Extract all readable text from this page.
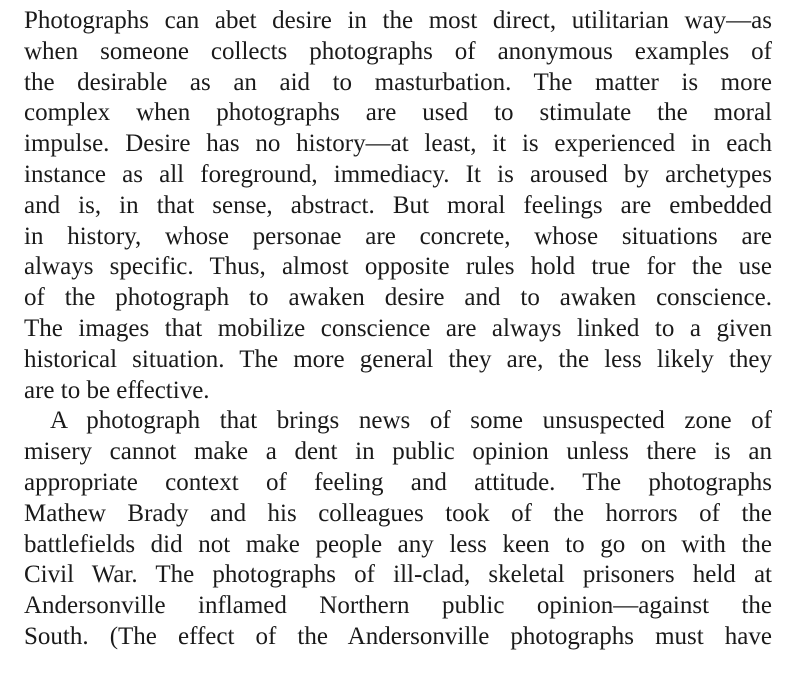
Photographs can abet desire in the most direct, utilitarian way—as
when someone collects photographs of anonymous examples of
the desirable as an aid to masturbation. The matter is more
complex when photographs are used to stimulate the moral
impulse. Desire has no history—at least, it is experienced in each
instance as all foreground, immediacy. It is aroused by archetypes
and is, in that sense, abstract. But moral feelings are embedded
in history, whose personae are concrete, whose situations are
always specific. Thus, almost opposite rules hold true for the use
of the photograph to awaken desire and to awaken conscience.
The images that mobilize conscience are always linked to a given
historical situation. The more general they are, the less likely they
are to be effective.

A photograph that brings news of some unsuspected zone of
misery cannot make a dent in public opinion unless there is an
appropriate context of feeling and attitude. The photographs
Mathew Brady and his colleagues took of the horrors of the
battlefields did not make people any less keen to go on with the
Civil War. The photographs of ill-clad, skeletal prisoners held at
Andersonville inflamed Northern public opinion—against the
South. (The effect of the Andersonville photographs must have
